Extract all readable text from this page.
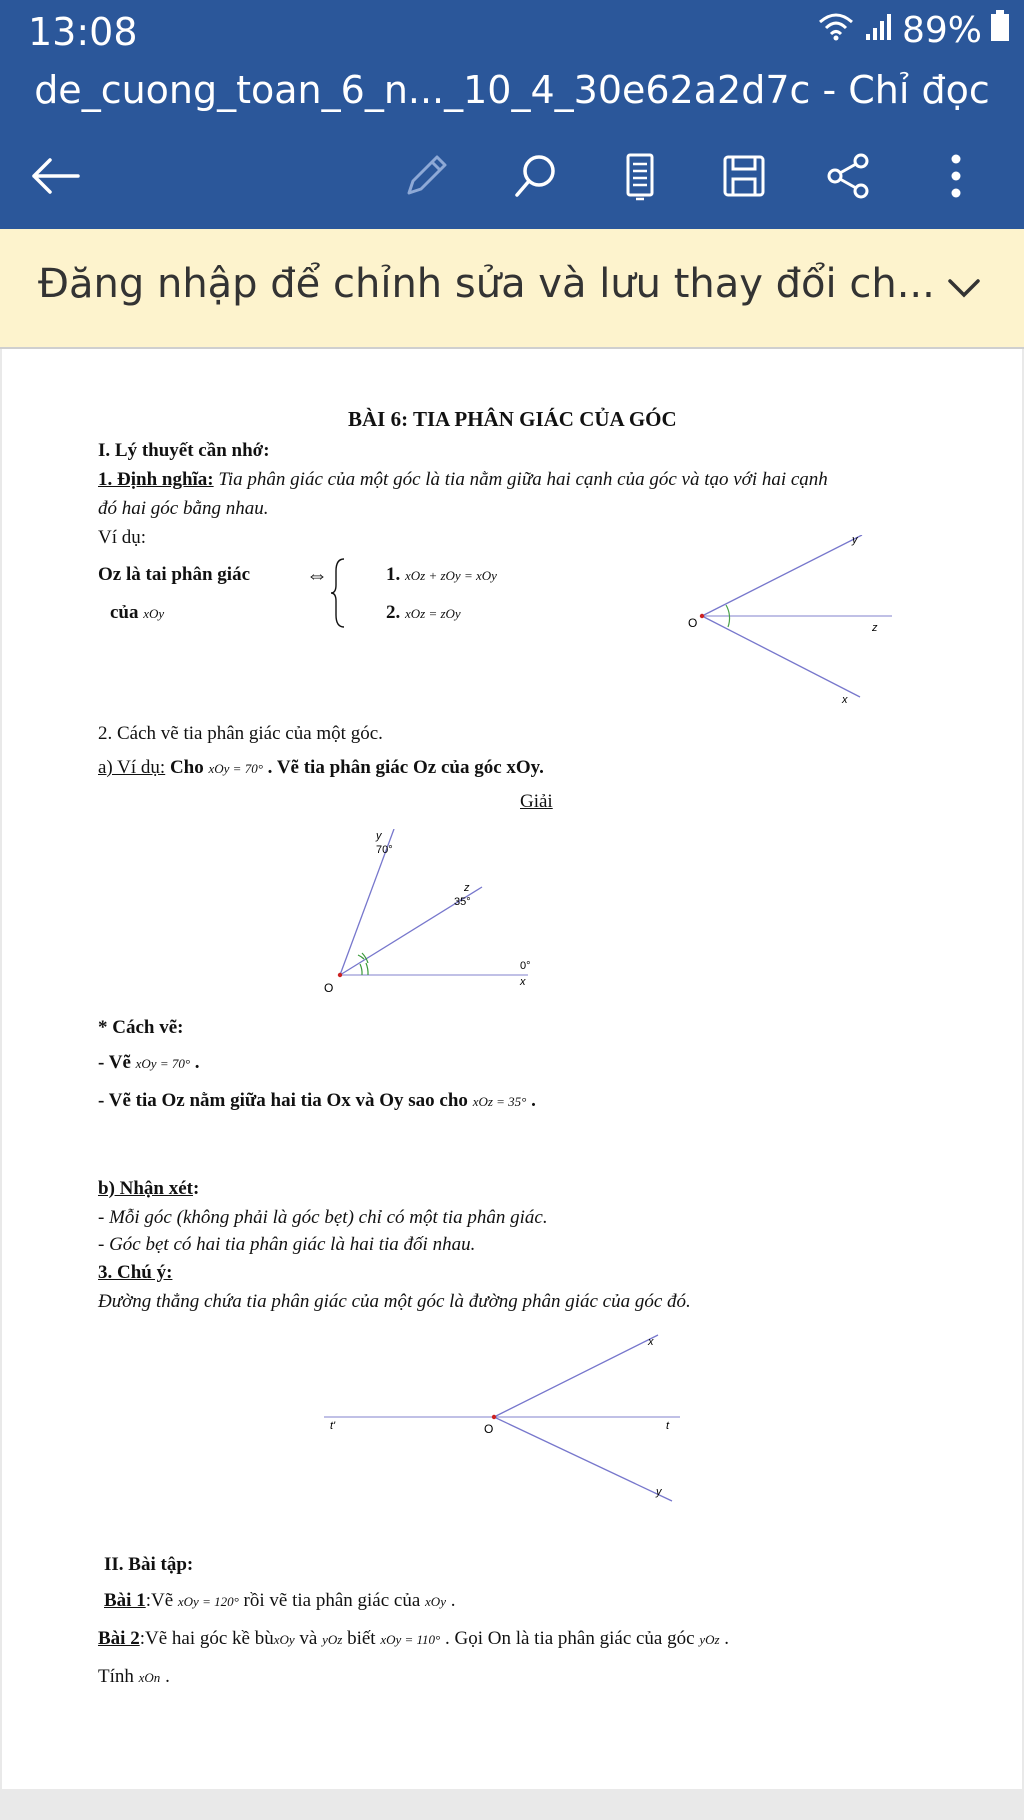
13:08	89%
de_cuong_toan_6_n..._10_4_30e62a2d7c - Chỉ đọc
Đăng nhập để chỉnh sửa và lưu thay đổi ch...
BÀI 6: TIA PHÂN GIÁC CỦA GÓC
I. Lý thuyết cần nhớ:
1. Định nghĩa: Tia phân giác của một góc là tia nằm giữa hai cạnh của góc và tạo với hai cạnh
đó hai góc bằng nhau.
Ví dụ:
Oz là tai phân giác
của xOy
⇔	1. xOz + zOy = xOy
2. xOz = zOy
O
y
z
x
2. Cách vẽ tia phân giác của một góc.
a) Ví dụ: Cho xOy = 70° . Vẽ tia phân giác Oz của góc xOy.
Giải
y
70°
z
35°
0°
x
O
* Cách vẽ:
- Vẽ xOy = 70° .
- Vẽ tia Oz nằm giữa hai tia Ox và Oy sao cho xOz = 35° .
b) Nhận xét:
- Mỗi góc (không phải là góc bẹt) chỉ có một tia phân giác.
- Góc bẹt có hai tia phân giác là hai tia đối nhau.
3. Chú ý:
Đường thẳng chứa tia phân giác của một góc là đường phân giác của góc đó.
x
t'	O	t
y
II. Bài tập:
Bài 1:Vẽ xOy = 120° rồi vẽ tia phân giác của xOy .
Bài 2:Vẽ hai góc kề bùxOy và yOz biết xOy = 110° . Gọi On là tia phân giác của góc yOz .
Tính xOn .
